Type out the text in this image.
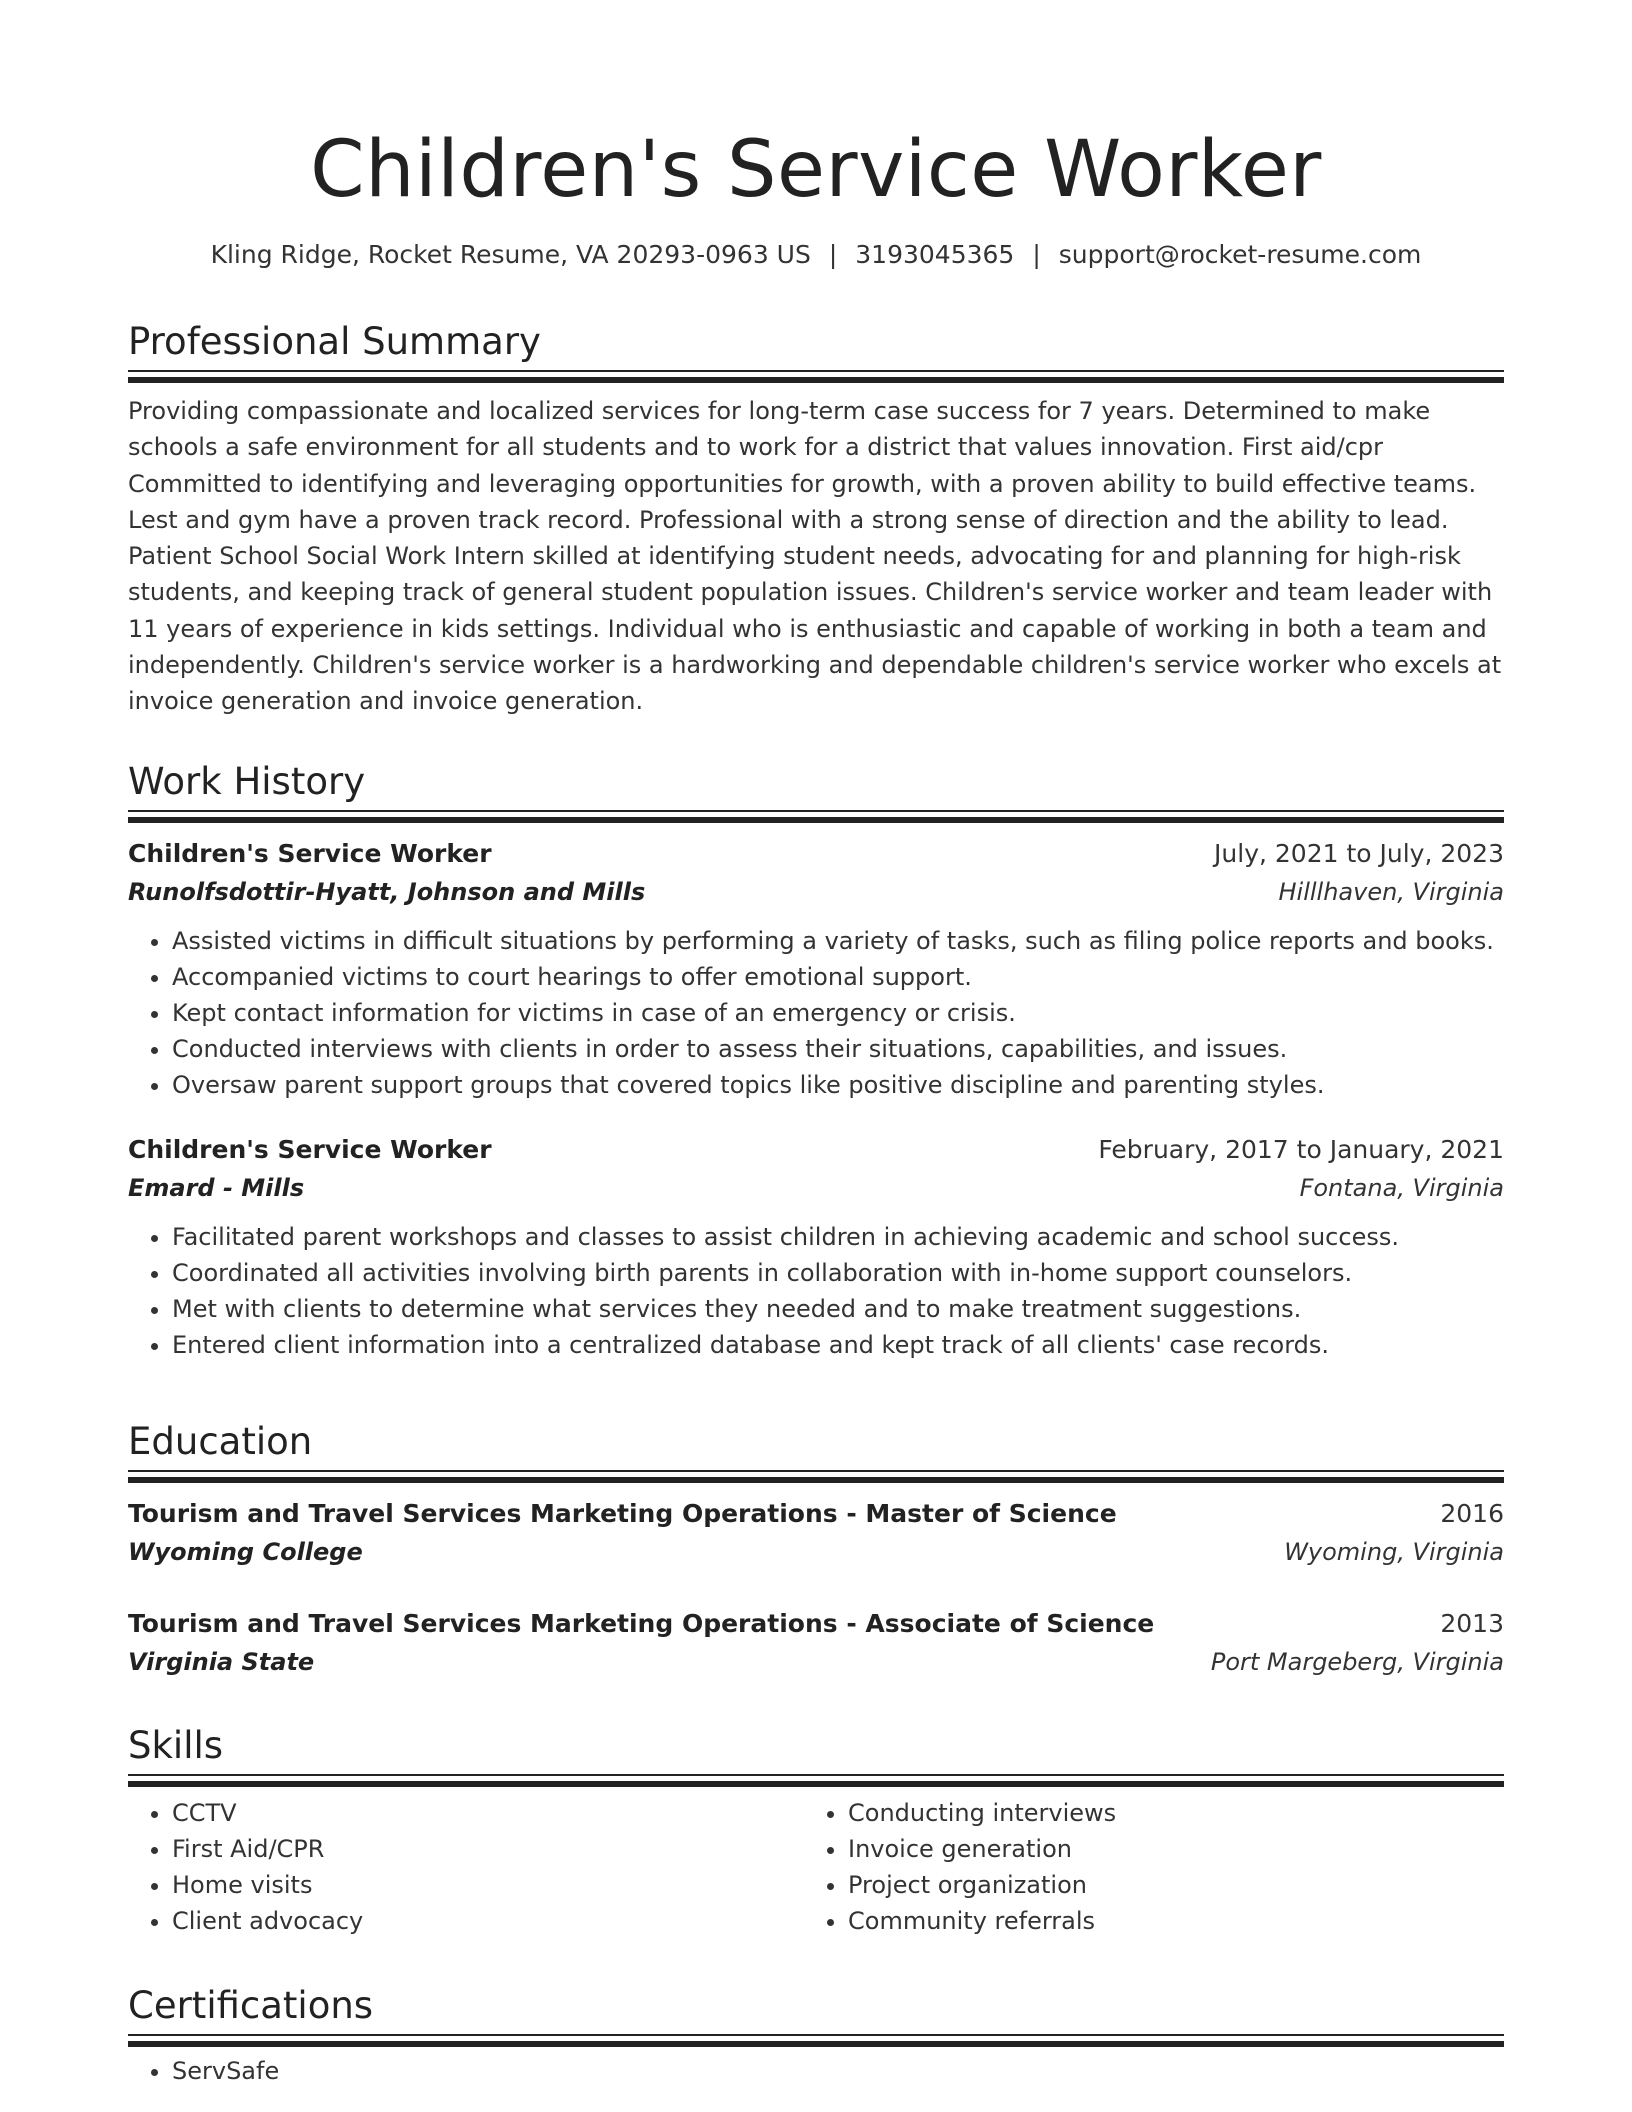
Children's Service Worker
Kling Ridge, Rocket Resume, VA 20293-0963 US | 3193045365 | support@rocket-resume.com
Professional Summary
Providing compassionate and localized services for long-term case success for 7 years. Determined to make schools a safe environment for all students and to work for a district that values innovation. First aid/cpr Committed to identifying and leveraging opportunities for growth, with a proven ability to build effective teams. Lest and gym have a proven track record. Professional with a strong sense of direction and the ability to lead. Patient School Social Work Intern skilled at identifying student needs, advocating for and planning for high-risk students, and keeping track of general student population issues. Children's service worker and team leader with 11 years of experience in kids settings. Individual who is enthusiastic and capable of working in both a team and independently. Children's service worker is a hardworking and dependable children's service worker who excels at invoice generation and invoice generation.
Work History
Children's Service Worker	July, 2021 to July, 2023
Runolfsdottir-Hyatt, Johnson and Mills	Hilllhaven, Virginia
• Assisted victims in difficult situations by performing a variety of tasks, such as filing police reports and books.
• Accompanied victims to court hearings to offer emotional support.
• Kept contact information for victims in case of an emergency or crisis.
• Conducted interviews with clients in order to assess their situations, capabilities, and issues.
• Oversaw parent support groups that covered topics like positive discipline and parenting styles.
Children's Service Worker	February, 2017 to January, 2021
Emard - Mills	Fontana, Virginia
• Facilitated parent workshops and classes to assist children in achieving academic and school success.
• Coordinated all activities involving birth parents in collaboration with in-home support counselors.
• Met with clients to determine what services they needed and to make treatment suggestions.
• Entered client information into a centralized database and kept track of all clients' case records.
Education
Tourism and Travel Services Marketing Operations - Master of Science	2016
Wyoming College	Wyoming, Virginia
Tourism and Travel Services Marketing Operations - Associate of Science	2013
Virginia State	Port Margeberg, Virginia
Skills
• CCTV
• First Aid/CPR
• Home visits
• Client advocacy
• Conducting interviews
• Invoice generation
• Project organization
• Community referrals
Certifications
• ServSafe
